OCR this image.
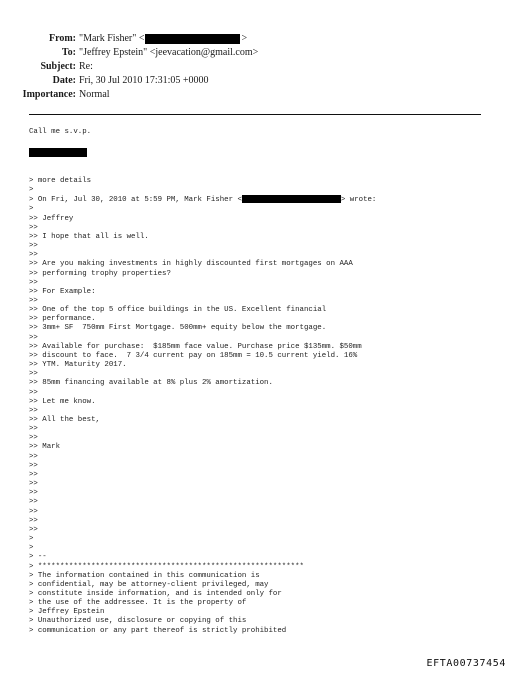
From: "Mark Fisher" <	>
To: "Jeffrey Epstein" <jeevacation@gmail.com>
Subject: Re:
Date: Fri, 30 Jul 2010 17:31:05 +0000
Importance: Normal
Call me s.v.p.
> more details
>
> On Fri, Jul 30, 2010 at 5:59 PM, Mark Fisher <	> wrote:
>
>> Jeffrey
>>
>> I hope that all is well.
>>
>>
>> Are you making investments in highly discounted first mortgages on AAA
>> performing trophy properties?
>>
>> For Example:
>>
>> One of the top 5 office buildings in the US. Excellent financial
>> performance.
>> 3mm+ SF  750mm First Mortgage. 500mm+ equity below the mortgage.
>>
>> Available for purchase:  $185mm face value. Purchase price $135mm. $50mm
>> discount to face.  7 3/4 current pay on 185mm = 10.5 current yield. 16%
>> YTM. Maturity 2017.
>>
>> 85mm financing available at 8% plus 2% amortization.
>>
>> Let me know.
>>
>> All the best,
>>
>>
>> Mark
>>
>>
>>
>>
>>
>>
>>
>>
>>
>
>
> --
> ************************************************************
> The information contained in this communication is
> confidential, may be attorney-client privileged, may
> constitute inside information, and is intended only for
> the use of the addressee. It is the property of
> Jeffrey Epstein
> Unauthorized use, disclosure or copying of this
> communication or any part thereof is strictly prohibited
EFTA00737454
